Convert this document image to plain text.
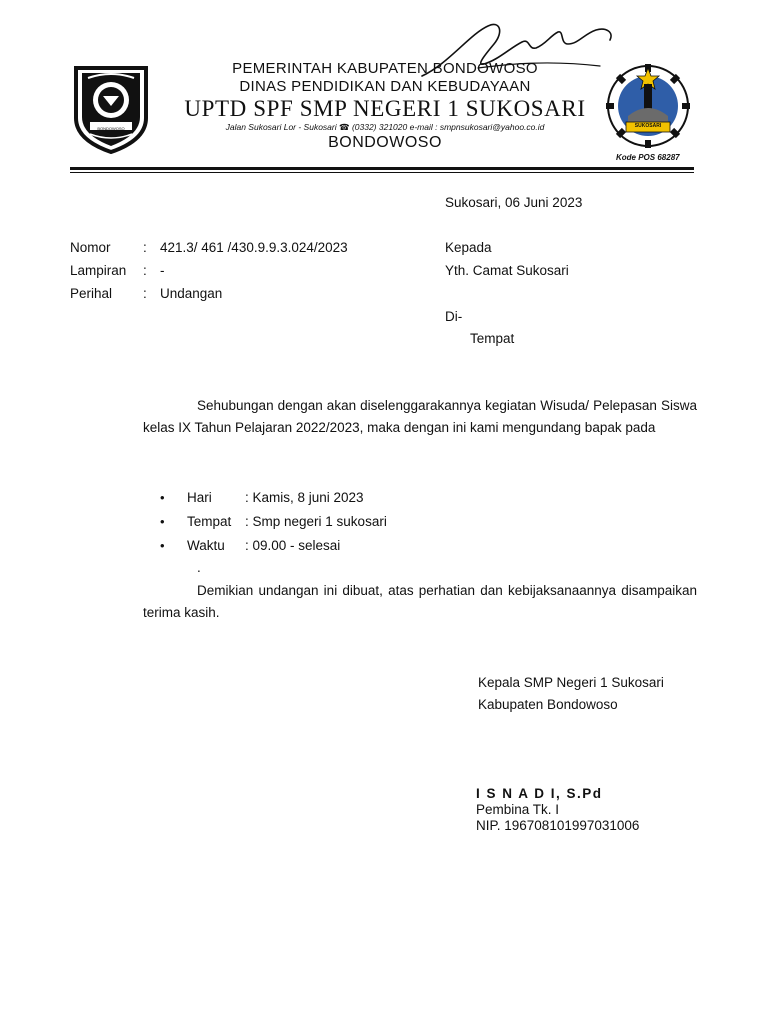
BONDOWOSO	SUKOSARI
PEMERINTAH KABUPATEN BONDOWOSO
DINAS PENDIDIKAN DAN KEBUDAYAAN
UPTD SPF SMP NEGERI 1 SUKOSARI
Jalan Sukosari Lor - Sukosari ☎ (0332) 321020 e-mail : smpnsukosari@yahoo.co.id
BONDOWOSO
Kode POS 68287
Sukosari, 06 Juni 2023
Nomor : 421.3/ 461 /430.9.9.3.024/2023
Lampiran : -
Perihal : Undangan
Kepada
Yth. Camat Sukosari
Di-
Tempat
Sehubungan dengan akan diselenggarakannya kegiatan Wisuda/ Pelepasan Siswa kelas IX Tahun Pelajaran 2022/2023, maka dengan ini kami mengundang bapak pada
• Hari : Kamis, 8 juni 2023
• Tempat : Smp negeri 1 sukosari
• Waktu : 09.00 - selesai
.
Demikian undangan ini dibuat, atas perhatian dan kebijaksanaannya disampaikan terima kasih.
Kepala SMP Negeri 1 Sukosari
Kabupaten Bondowoso
I S N A D I, S.Pd
Pembina Tk. I
NIP. 196708101997031006
